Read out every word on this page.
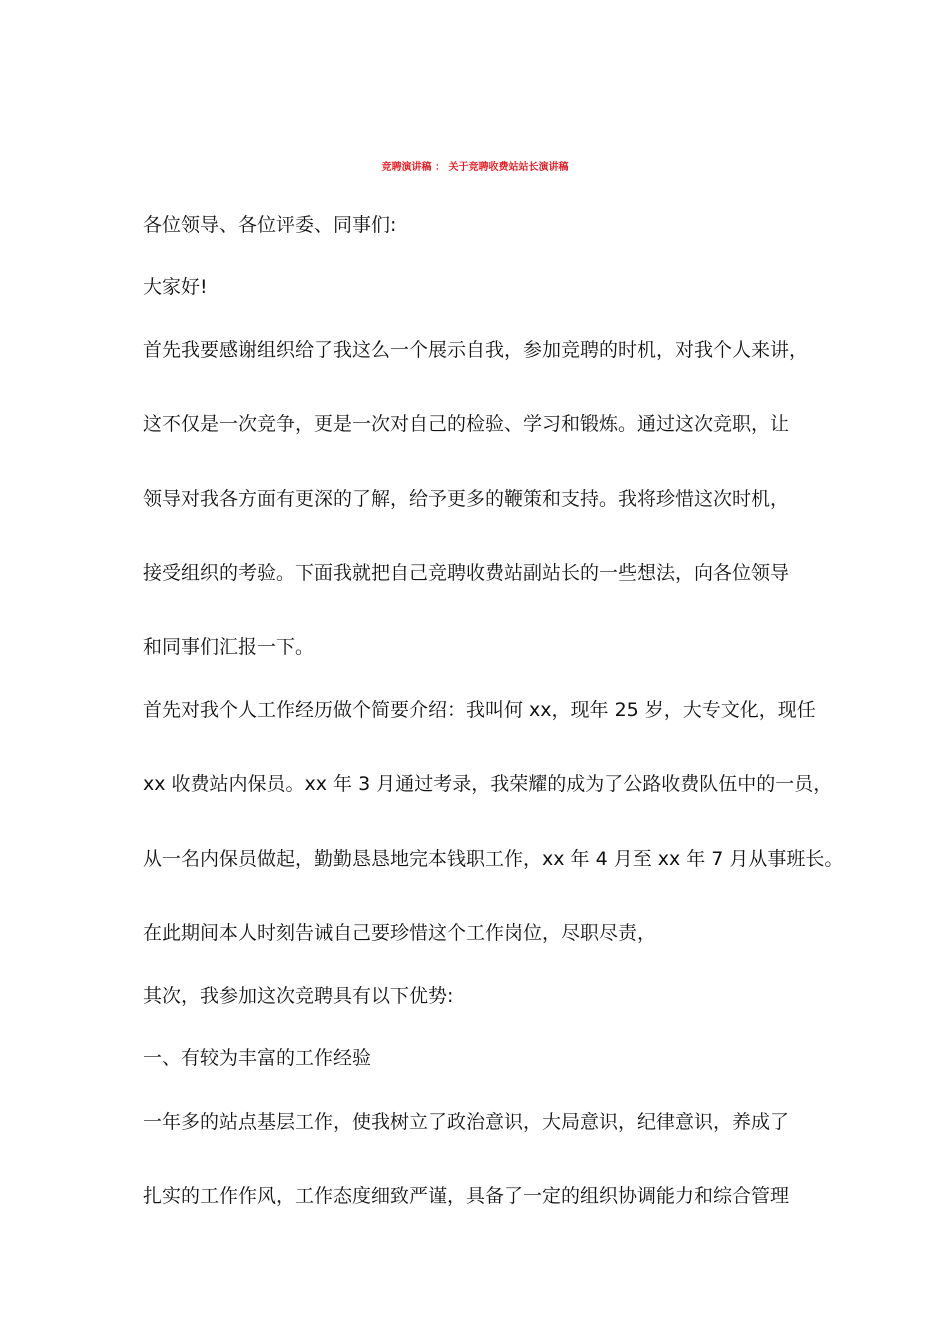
竞聘演讲稿 ： 关于竞聘收费站站长演讲稿
各位领导、各位评委、同事们:
大家好!
首先我要感谢组织给了我这么一个展示自我，参加竞聘的时机，对我个人来讲，
这不仅是一次竞争，更是一次对自己的检验、学习和锻炼。通过这次竞职，让
领导对我各方面有更深的了解，给予更多的鞭策和支持。我将珍惜这次时机，
接受组织的考验。下面我就把自己竞聘收费站副站长的一些想法，向各位领导
和同事们汇报一下。
首先对我个人工作经历做个简要介绍：我叫何 xx，现年 25 岁，大专文化，现任
xx 收费站内保员。xx 年 3 月通过考录，我荣耀的成为了公路收费队伍中的一员，
从一名内保员做起，勤勤恳恳地完本钱职工作，xx 年 4 月至 xx 年 7 月从事班长。
在此期间本人时刻告诫自己要珍惜这个工作岗位，尽职尽责，
其次，我参加这次竞聘具有以下优势:
一、有较为丰富的工作经验
一年多的站点基层工作，使我树立了政治意识，大局意识，纪律意识，养成了
扎实的工作作风，工作态度细致严谨，具备了一定的组织协调能力和综合管理
